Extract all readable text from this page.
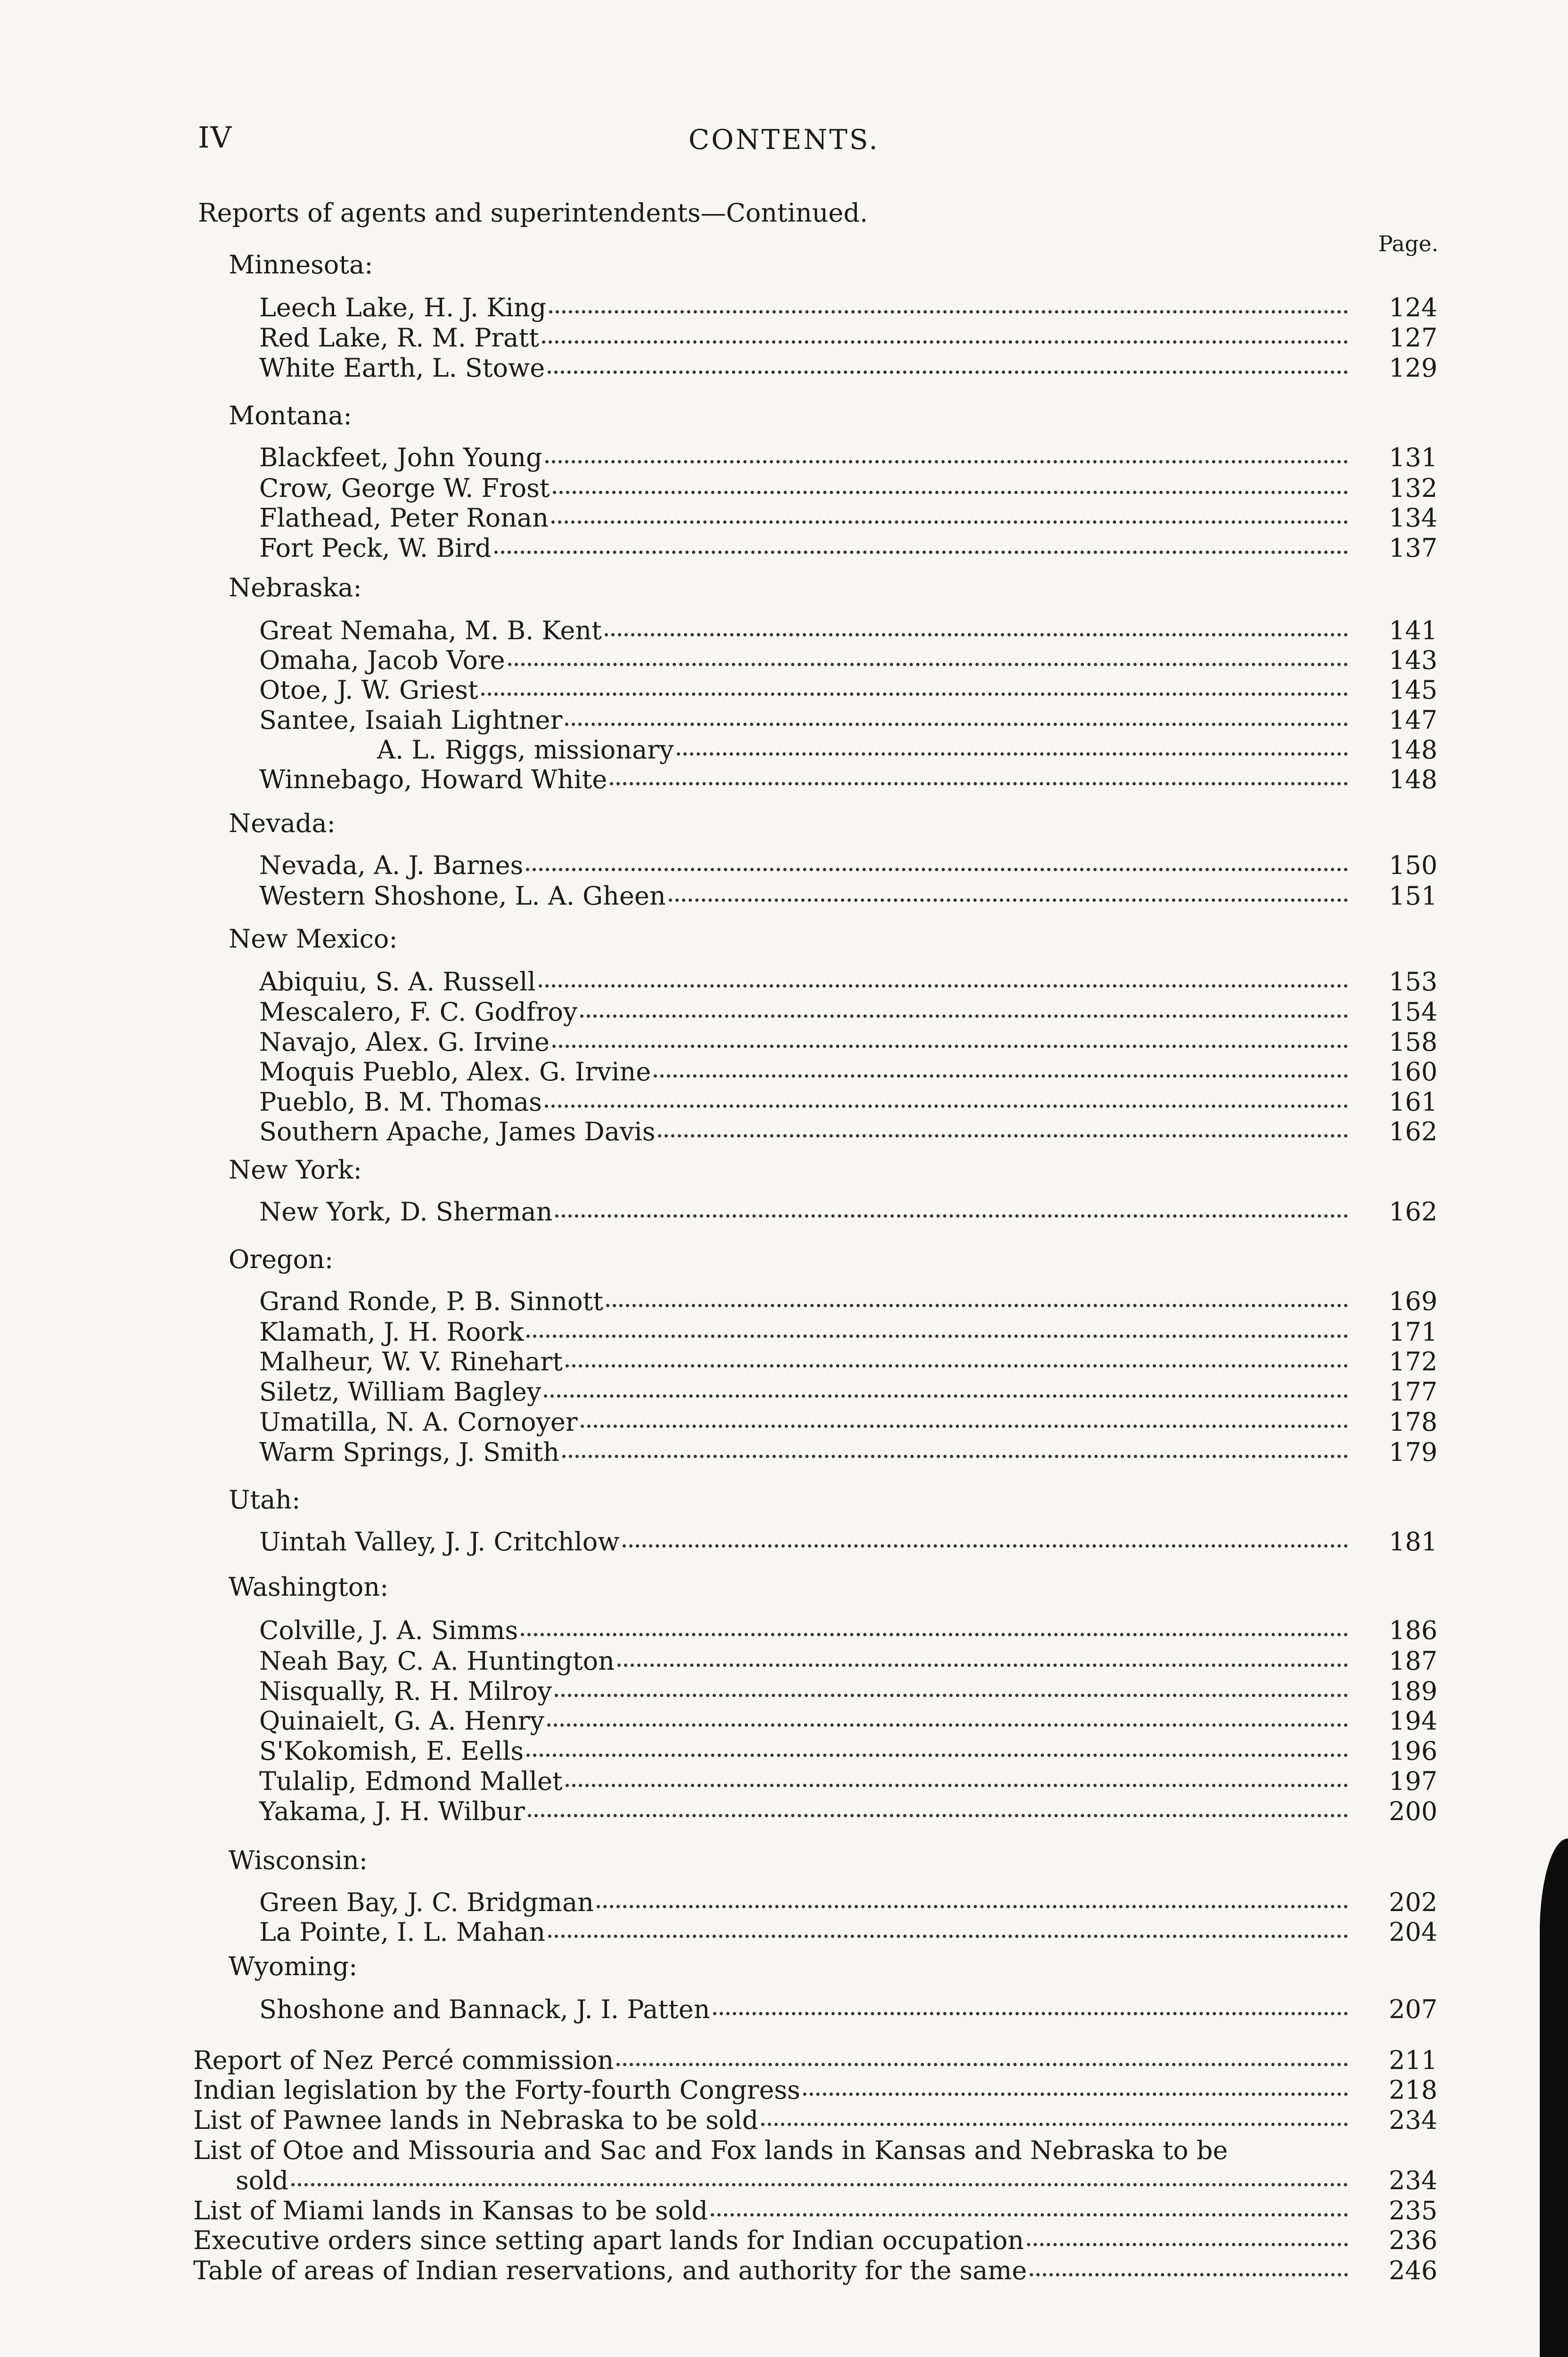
IV	CONTENTS.
Reports of agents and superintendents—Continued.
Page.
Minnesota:
Leech Lake, H. J. King	124
Red Lake, R. M. Pratt	127
White Earth, L. Stowe	129
Montana:
Blackfeet, John Young	131
Crow, George W. Frost	132
Flathead, Peter Ronan	134
Fort Peck, W. Bird	137
Nebraska:
Great Nemaha, M. B. Kent	141
Omaha, Jacob Vore	143
Otoe, J. W. Griest	145
Santee, Isaiah Lightner	147
A. L. Riggs, missionary	148
Winnebago, Howard White	148
Nevada:
Nevada, A. J. Barnes	150
Western Shoshone, L. A. Gheen	151
New Mexico:
Abiquiu, S. A. Russell	153
Mescalero, F. C. Godfroy	154
Navajo, Alex. G. Irvine	158
Moquis Pueblo, Alex. G. Irvine	160
Pueblo, B. M. Thomas	161
Southern Apache, James Davis	162
New York:
New York, D. Sherman	162
Oregon:
Grand Ronde, P. B. Sinnott	169
Klamath, J. H. Roork	171
Malheur, W. V. Rinehart	172
Siletz, William Bagley	177
Umatilla, N. A. Cornoyer	178
Warm Springs, J. Smith	179
Utah:
Uintah Valley, J. J. Critchlow	181
Washington:
Colville, J. A. Simms	186
Neah Bay, C. A. Huntington	187
Nisqually, R. H. Milroy	189
Quinaielt, G. A. Henry	194
S'Kokomish, E. Eells	196
Tulalip, Edmond Mallet	197
Yakama, J. H. Wilbur	200
Wisconsin:
Green Bay, J. C. Bridgman	202
La Pointe, I. L. Mahan	204
Wyoming:
Shoshone and Bannack, J. I. Patten	207
Report of Nez Percé commission	211
Indian legislation by the Forty-fourth Congress	218
List of Pawnee lands in Nebraska to be sold	234
List of Otoe and Missouria and Sac and Fox lands in Kansas and Nebraska to be
sold	234
List of Miami lands in Kansas to be sold	235
Executive orders since setting apart lands for Indian occupation	236
Table of areas of Indian reservations, and authority for the same	246
